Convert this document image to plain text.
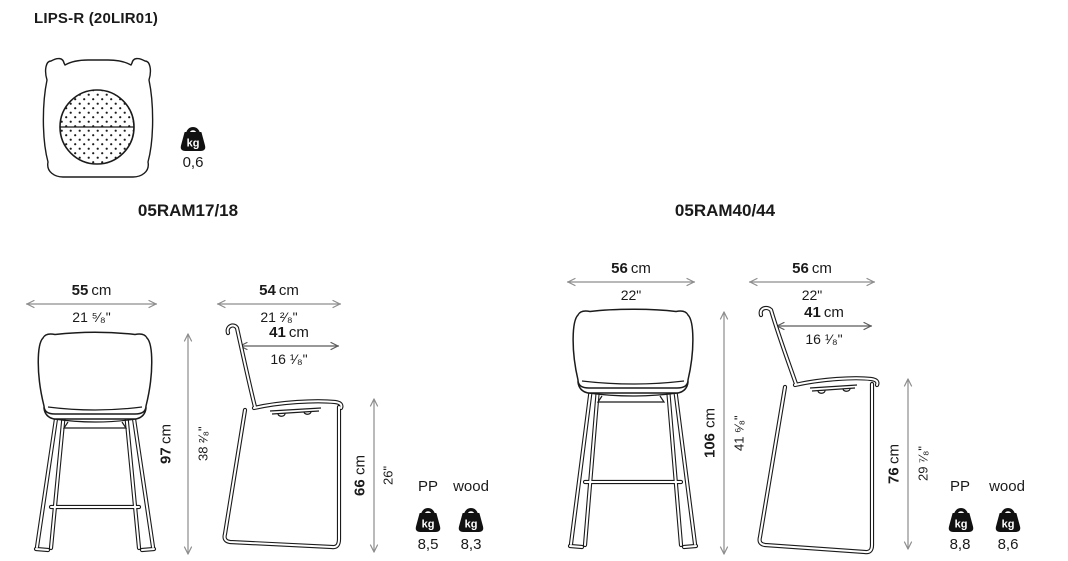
LIPS-R (20LIR01)
kg
0,6
05RAM17/18
55 cm
21 ⁵⁄₈"
54 cm
21 ²⁄₈"
41 cm
16 ¹⁄₈"
97
cm 38 ²⁄₈"
66
cm
26"
PP	wood
kg	kg
8,5	8,3
05RAM40/44
56 cm
22"
56 cm
22"
41 cm
16 ¹⁄₈"
106
cm 41 ⁶⁄₈"
76
cm 29 ⁷⁄₈"
PP	wood
kg	kg
8,8	8,6
